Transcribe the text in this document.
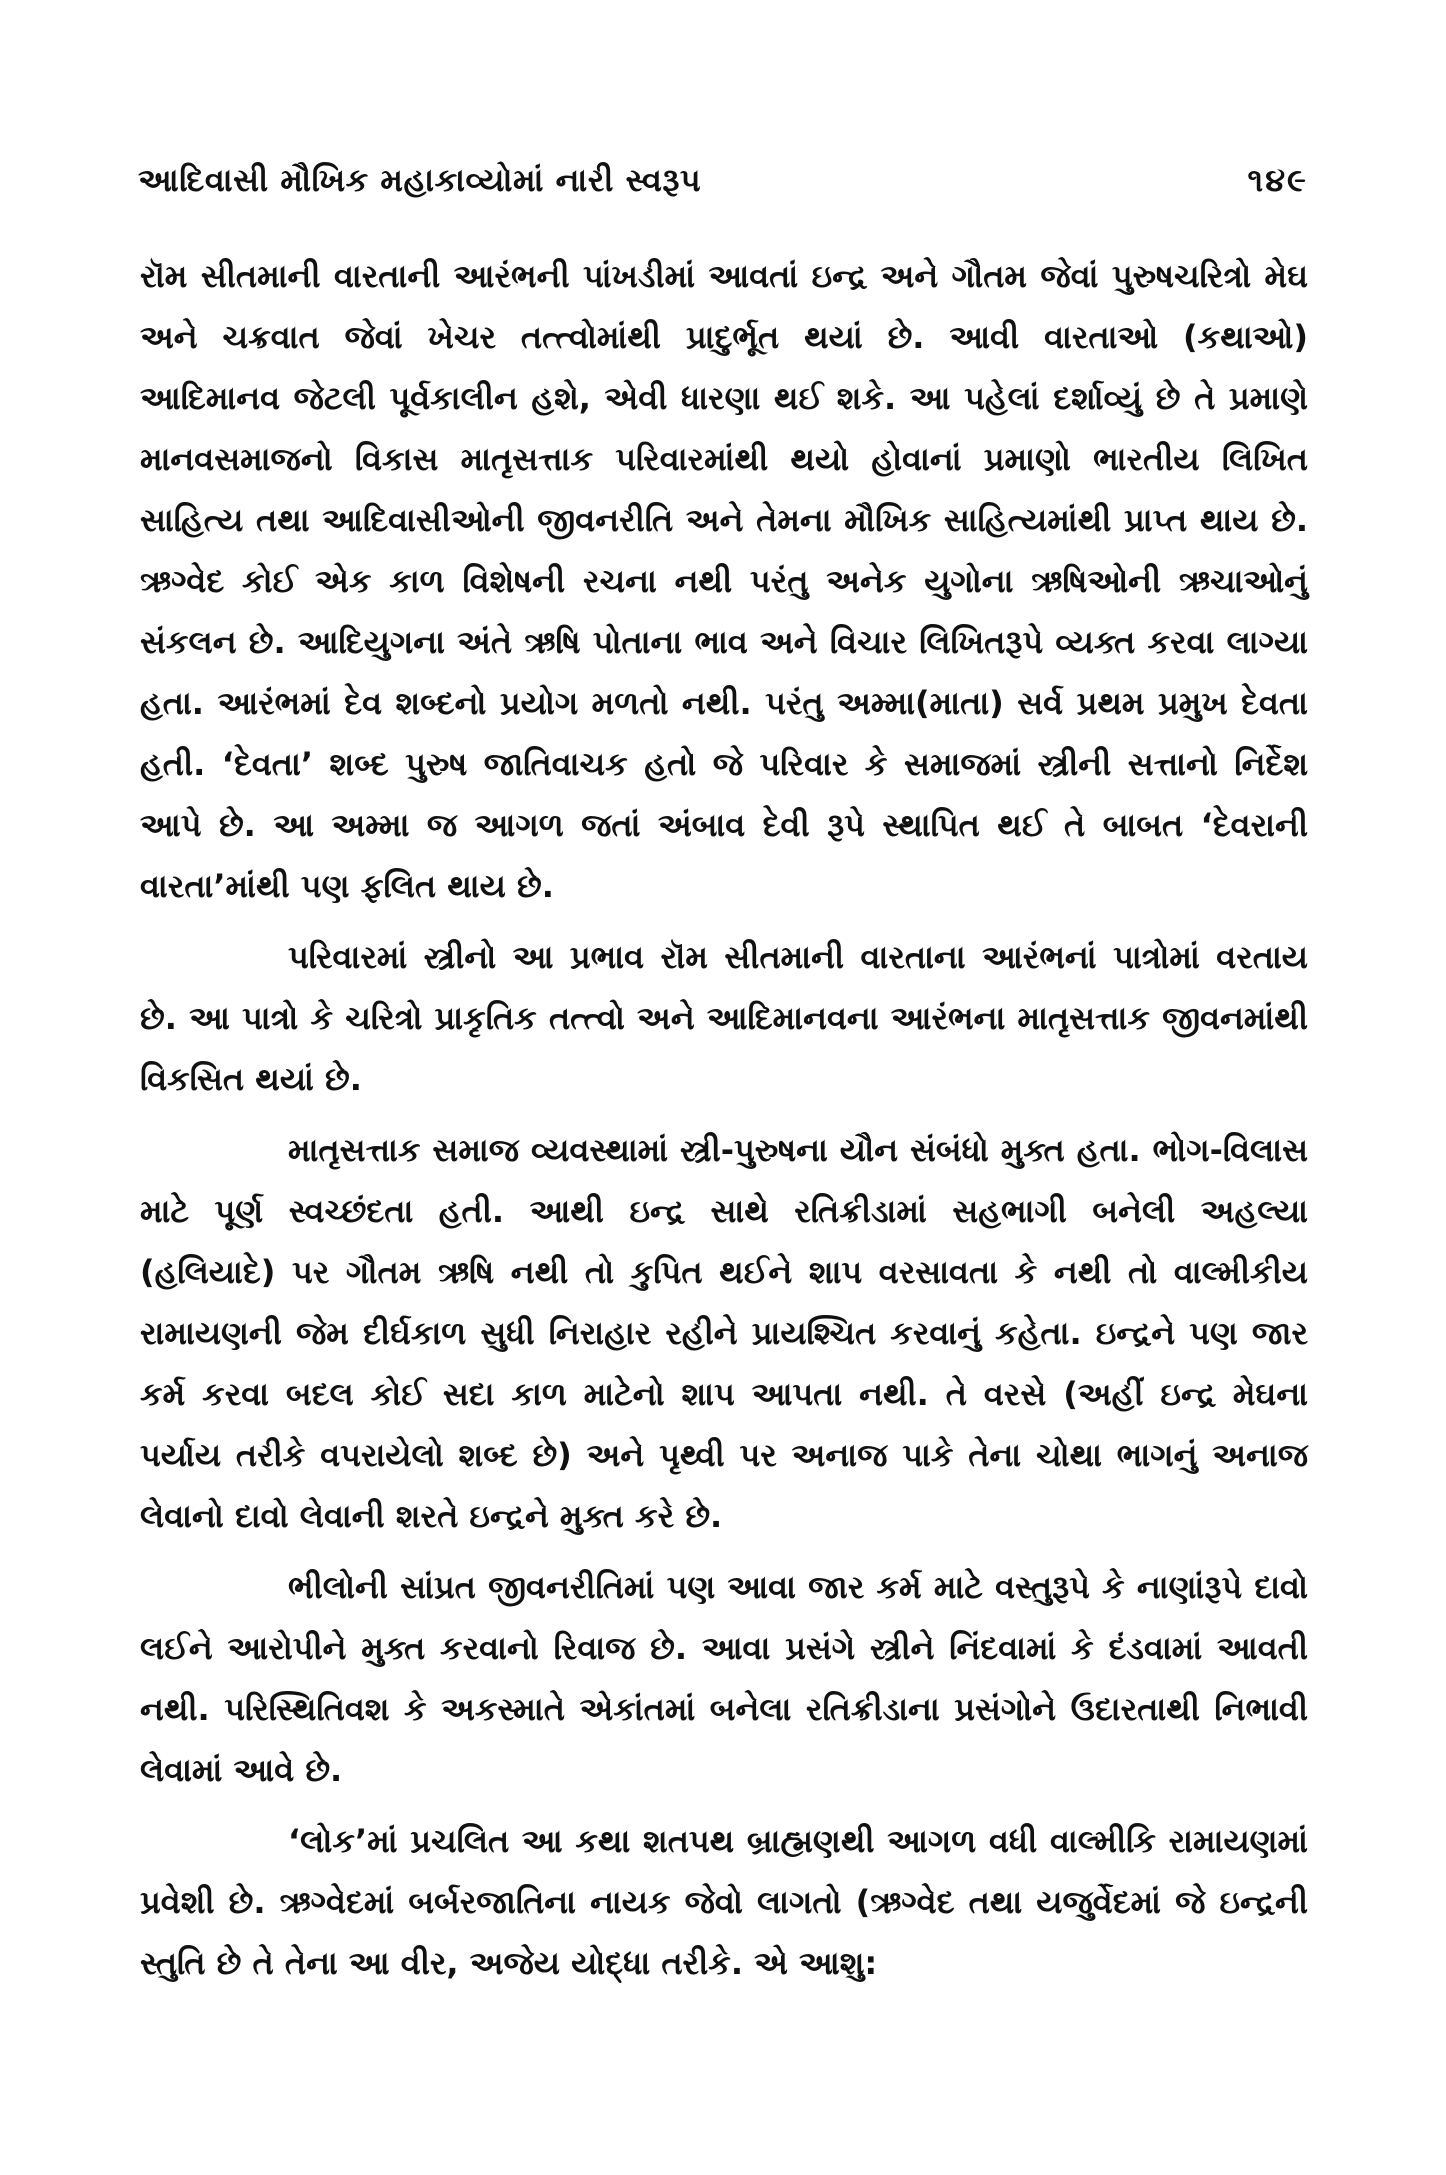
આદિવાસી મૌખિક મહાકાવ્યોમાં નારી સ્વરૂપ	૧૪૯

રૉમ સીતમાની વારતાની આરંભની પાંખડીમાં આવતાં ઇન્દ્ર અને ગૌતમ જેવાં પુરુષચરિત્રો મેઘ અને ચક્રવાત જેવાં ખેચર તત્ત્વોમાંથી પ્રાદુર્ભૂત થયાં છે. આવી વારતાઓ (કથાઓ) આદિમાનવ જેટલી પૂર્વકાલીન હશે, એવી ધારણા થઈ શકે. આ પહેલાં દર્શાવ્યું છે તે પ્રમાણે માનવસમાજનો વિકાસ માતૃસત્તાક પરિવારમાંથી થયો હોવાનાં પ્રમાણો ભારતીય લિખિત સાહિત્ય તથા આદિવાસીઓની જીવનરીતિ અને તેમના મૌખિક સાહિત્યમાંથી પ્રાપ્ત થાય છે. ઋગ્વેદ કોઈ એક કાળ વિશેષની રચના નથી પરંતુ અનેક યુગોના ઋષિઓની ઋચાઓનું સંકલન છે. આદિયુગના અંતે ઋષિ પોતાના ભાવ અને વિચાર લિખિતરૂપે વ્યક્ત કરવા લાગ્યા હતા. આરંભમાં દેવ શબ્દનો પ્રયોગ મળતો નથી. પરંતુ અમ્મા(માતા) સર્વ પ્રથમ પ્રમુખ દેવતા હતી. ‘દેવતા’ શબ્દ પુરુષ જાતિવાચક હતો જે પરિવાર કે સમાજમાં સ્ત્રીની સત્તાનો નિર્દેશ આપે છે. આ અમ્મા જ આગળ જતાં અંબાવ દેવી રૂપે સ્થાપિત થઈ તે બાબત ‘દેવરાની વારતા’માંથી પણ ફલિત થાય છે.

પરિવારમાં સ્ત્રીનો આ પ્રભાવ રૉમ સીતમાની વારતાના આરંભનાં પાત્રોમાં વરતાય છે. આ પાત્રો કે ચરિત્રો પ્રાકૃતિક તત્ત્વો અને આદિમાનવના આરંભના માતૃસત્તાક જીવનમાંથી વિકસિત થયાં છે.

માતૃસત્તાક સમાજ વ્યવસ્થામાં સ્ત્રી-પુરુષના યૌન સંબંધો મુક્ત હતા. ભોગ-વિલાસ માટે પૂર્ણ સ્વચ્છંદતા હતી. આથી ઇન્દ્ર સાથે રતિક્રીડામાં સહભાગી બનેલી અહલ્યા (હલિયાદે) પર ગૌતમ ઋષિ નથી તો કુપિત થઈને શાપ વરસાવતા કે નથી તો વાલ્મીકીય રામાયણની જેમ દીર્ઘકાળ સુધી નિરાહાર રહીને પ્રાયશ્ચિત કરવાનું કહેતા. ઇન્દ્રને પણ જાર કર્મ કરવા બદલ કોઈ સદા કાળ માટેનો શાપ આપતા નથી. તે વરસે (અહીં ઇન્દ્ર મેઘના પર્યાય તરીકે વપરાયેલો શબ્દ છે) અને પૃથ્વી પર અનાજ પાકે તેના ચોથા ભાગનું અનાજ લેવાનો દાવો લેવાની શરતે ઇન્દ્રને મુક્ત કરે છે.

ભીલોની સાંપ્રત જીવનરીતિમાં પણ આવા જાર કર્મ માટે વસ્તુરૂપે કે નાણાંરૂપે દાવો લઈને આરોપીને મુક્ત કરવાનો રિવાજ છે. આવા પ્રસંગે સ્ત્રીને નિંદવામાં કે દંડવામાં આવતી નથી. પરિસ્થિતિવશ કે અકસ્માતે એકાંતમાં બનેલા રતિક્રીડાના પ્રસંગોને ઉદારતાથી નિભાવી લેવામાં આવે છે.

‘લોક’માં પ્રચલિત આ કથા શતપથ બ્રાહ્મણથી આગળ વધી વાલ્મીકિ રામાયણમાં પ્રવેશી છે. ઋગ્વેદમાં બર્બરજાતિના નાયક જેવો લાગતો (ઋગ્વેદ તથા યજુર્વેદમાં જે ઇન્દ્રની સ્તુતિ છે તે તેના આ વીર, અજેય યોદ્ધા તરીકે. એ આશુ:
